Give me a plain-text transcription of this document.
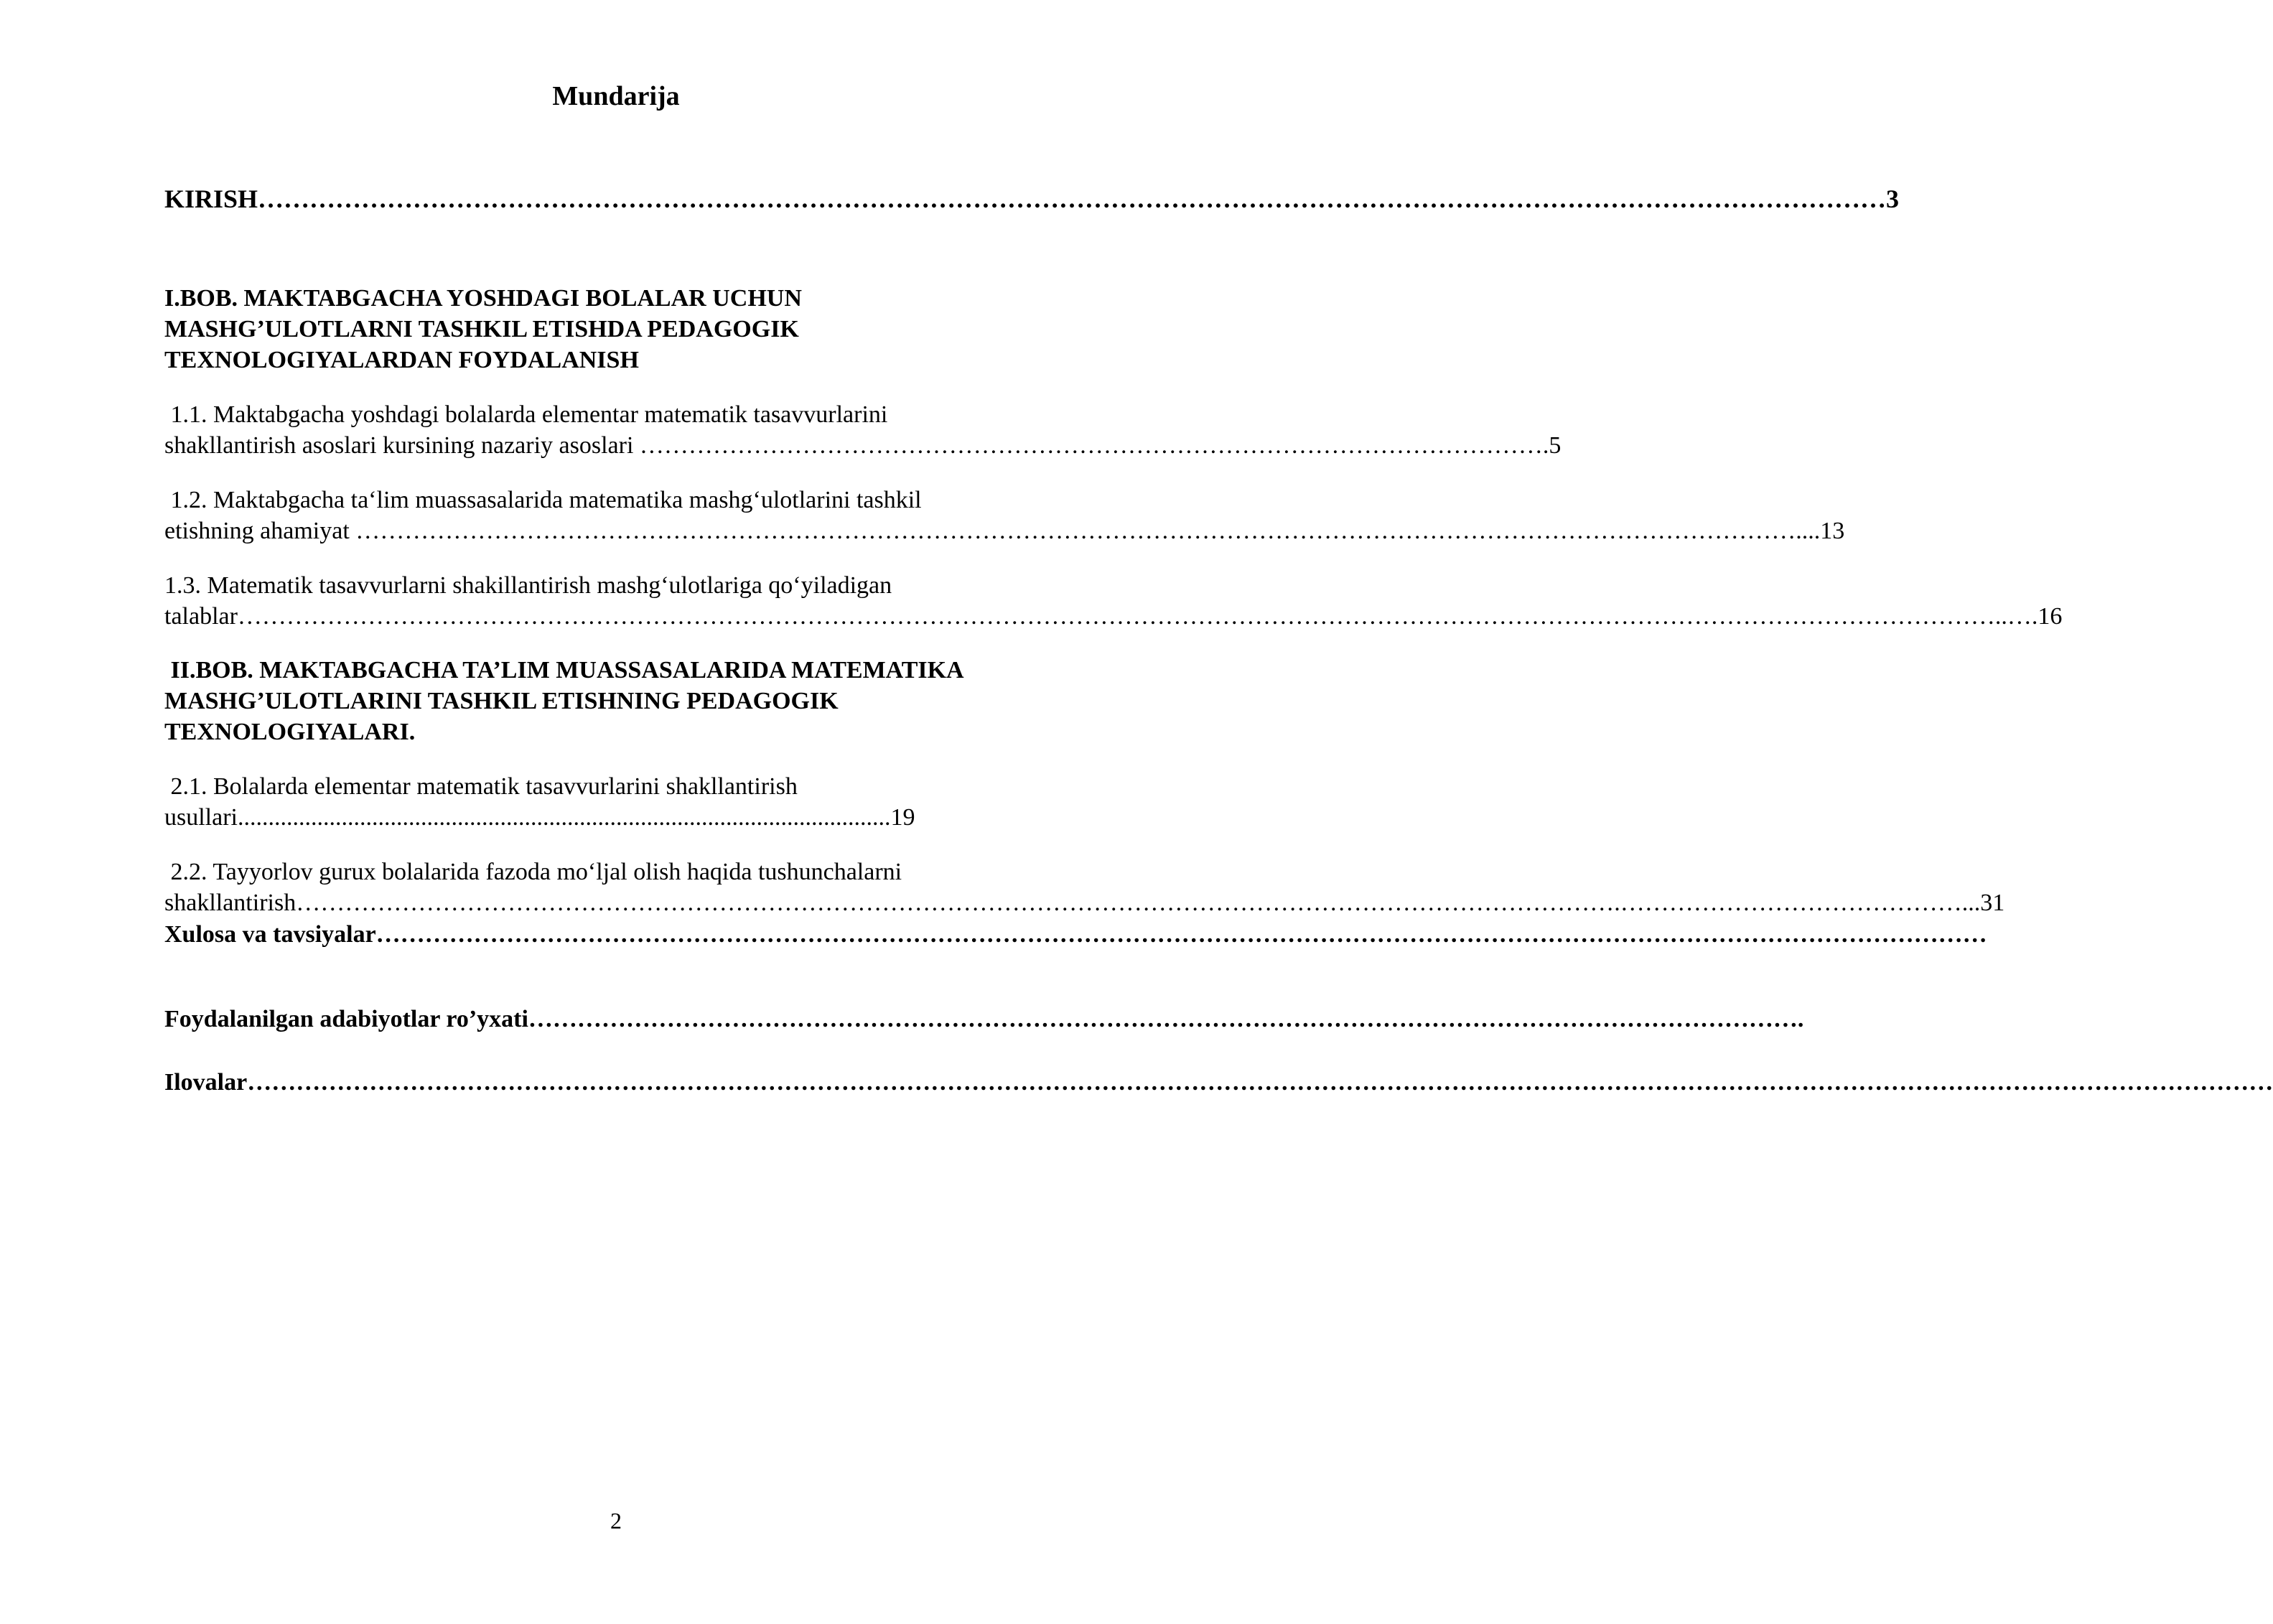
Mundarija
KIRISH………………………………………………………………………………………………………………………………………………………………………3
I.BOB. MAKTABGACHA YOSHDAGI BOLALAR UCHUN
MASHG’ULOTLARNI TASHKIL ETISHDA PEDAGOGIK
TEXNOLOGIYALARDAN FOYDALANISH
1.1. Maktabgacha yoshdagi bolalarda elementar matematik tasavvurlarini
shakllantirish asoslari kursining nazariy asoslari ………………………………………………………………………………………………….5
1.2. Maktabgacha ta‘lim muassasalarida matematika mashg‘ulotlarini tashkil
etishning ahamiyat ……………………………………………………………………………………………………………………………………………………………....13
1.3. Matematik tasavvurlarni shakillantirish mashg‘ulotlariga qo‘yiladigan
talablar………………………………………………………………………………………………………………………………………………………………………………………………..….16
II.BOB. MAKTABGACHA TA’LIM MUASSASALARIDA MATEMATIKA
MASHG’ULOTLARINI TASHKIL ETISHNING PEDAGOGIK
TEXNOLOGIYALARI.
2.1. Bolalarda elementar matematik tasavvurlarini shakllantirish
usullari...........................................................................................................19
2.2. Tayyorlov gurux bolalarida fazoda mo‘ljal olish haqida tushunchalarni
shakllantirish……………………………………………………………………………………………………………………………………………….……………………………………...31
Xulosa va tavsiyalar………………………………………………………………………………………………………………………………………………………………………………
Foydalanilgan adabiyotlar ro’yxati………………………………………………………………………………………………………………………………………….
Ilovalar……………………………………………………………………………………………………………………………………………………………………………………………………………………………
2
